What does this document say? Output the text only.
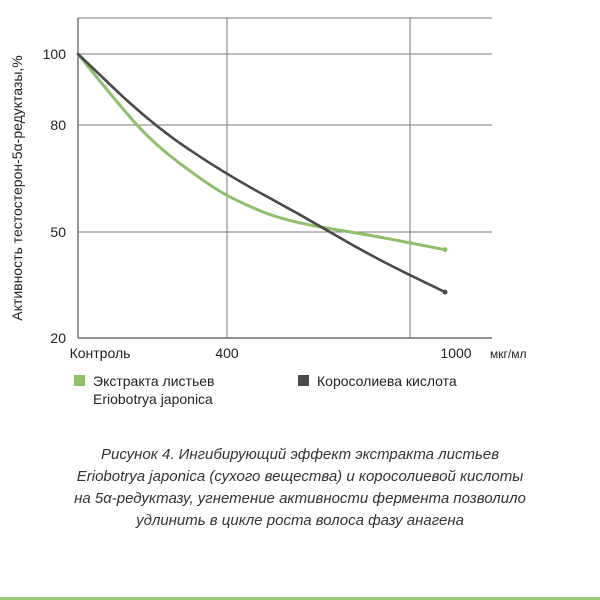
20
50
80
100
Контроль	400	1000 мкг/мл
Активность тестостерон-5α-редуктазы,%
Экстракта листьев
Eriobotrya japonica
Коросолиева кислота
Рисунок 4. Ингибирующий эффект экстракта листьев
Eriobotrya japonica (сухого вещества) и коросолиевой кислоты
на 5α-редуктазу, угнетение активности фермента позволило
удлинить в цикле роста волоса фазу анагена
